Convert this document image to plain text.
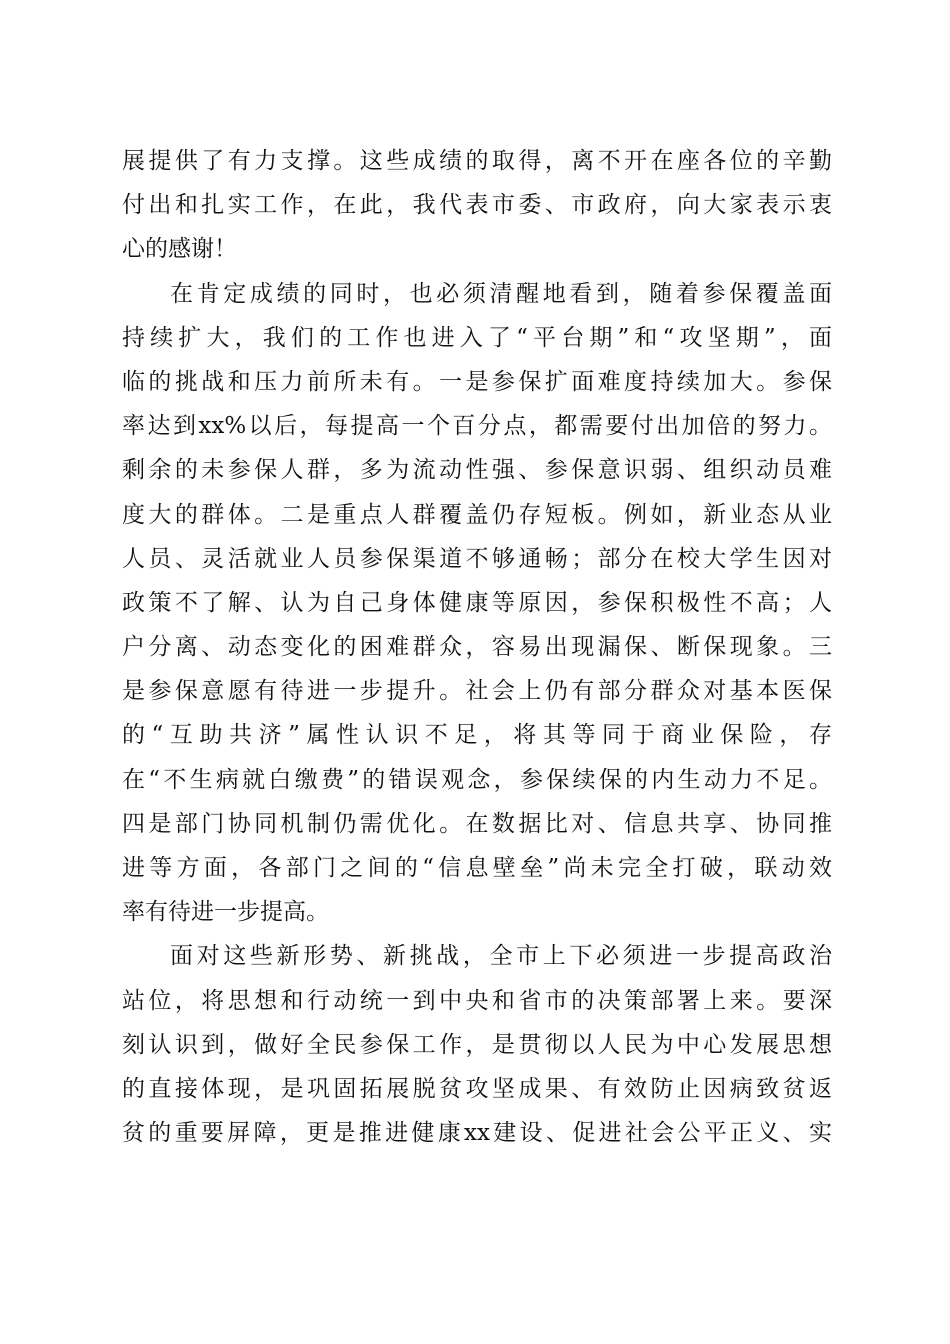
展提供了有力支撑。这些成绩的取得，离不开在座各位的辛勤
付出和扎实工作，在此，我代表市委、市政府，向大家表示衷
心的感谢！
在肯定成绩的同时，也必须清醒地看到，随着参保覆盖面
持续扩大，我们的工作也进入了“平台期”和“攻坚期”，面
临的挑战和压力前所未有。一是参保扩面难度持续加大。参保
率达到xx%以后，每提高一个百分点，都需要付出加倍的努力。
剩余的未参保人群，多为流动性强、参保意识弱、组织动员难
度大的群体。二是重点人群覆盖仍存短板。例如，新业态从业
人员、灵活就业人员参保渠道不够通畅；部分在校大学生因对
政策不了解、认为自己身体健康等原因，参保积极性不高；人
户分离、动态变化的困难群众，容易出现漏保、断保现象。三
是参保意愿有待进一步提升。社会上仍有部分群众对基本医保
的“互助共济”属性认识不足，将其等同于商业保险，存
在“不生病就白缴费”的错误观念，参保续保的内生动力不足。
四是部门协同机制仍需优化。在数据比对、信息共享、协同推
进等方面，各部门之间的“信息壁垒”尚未完全打破，联动效
率有待进一步提高。
面对这些新形势、新挑战，全市上下必须进一步提高政治
站位，将思想和行动统一到中央和省市的决策部署上来。要深
刻认识到，做好全民参保工作，是贯彻以人民为中心发展思想
的直接体现，是巩固拓展脱贫攻坚成果、有效防止因病致贫返
贫的重要屏障，更是推进健康xx建设、促进社会公平正义、实
